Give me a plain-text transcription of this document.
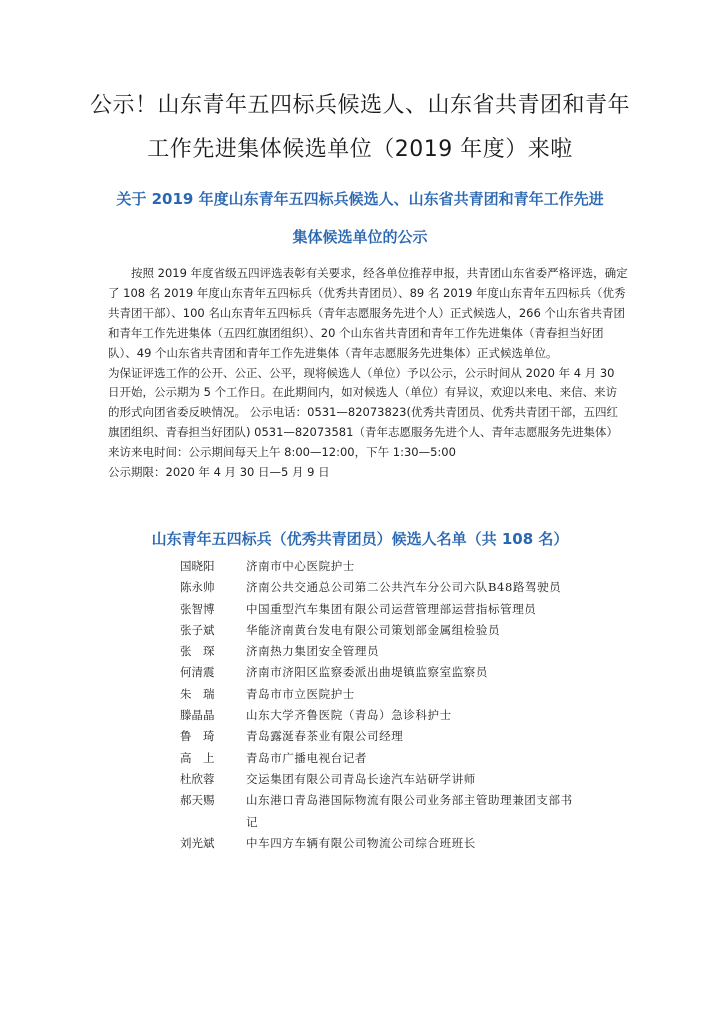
公示！山东青年五四标兵候选人、山东省共青团和青年
工作先进集体候选单位（2019 年度）来啦
关于 2019 年度山东青年五四标兵候选人、山东省共青团和青年工作先进
集体候选单位的公示

按照 2019 年度省级五四评选表彰有关要求，经各单位推荐申报，共青团山东省委严格评选，确定了 108 名 2019 年度山东青年五四标兵（优秀共青团员）、89 名 2019 年度山东青年五四标兵（优秀共青团干部）、100 名山东青年五四标兵（青年志愿服务先进个人）正式候选人，266 个山东省共青团和青年工作先进集体（五四红旗团组织）、20 个山东省共青团和青年工作先进集体（青春担当好团队）、49 个山东省共青团和青年工作先进集体（青年志愿服务先进集体）正式候选单位。

为保证评选工作的公开、公正、公平，现将候选人（单位）予以公示，公示时间从 2020 年 4 月 30 日开始，公示期为 5 个工作日。在此期间内，如对候选人（单位）有异议，欢迎以来电、来信、来访的形式向团省委反映情况。 公示电话：0531—82073823(优秀共青团员、优秀共青团干部，五四红旗团组织、青春担当好团队) 0531—82073581（青年志愿服务先进个人、青年志愿服务先进集体）

来访来电时间：公示期间每天上午 8:00—12:00，下午 1:30—5:00

公示期限：2020 年 4 月 30 日—5 月 9 日

山东青年五四标兵（优秀共青团员）候选人名单（共 108 名）
国晓阳	济南市中心医院护士
陈永帅	济南公共交通总公司第二公共汽车分公司六队B48路驾驶员
张智博	中国重型汽车集团有限公司运营管理部运营指标管理员
张子斌	华能济南黄台发电有限公司策划部金属组检验员
张　琛	济南热力集团安全管理员
何清震	济南市济阳区监察委派出曲堤镇监察室监察员
朱　瑞	青岛市市立医院护士
滕晶晶	山东大学齐鲁医院（青岛）急诊科护士
鲁　琦	青岛露涎春茶业有限公司经理
高　上	青岛市广播电视台记者
杜欣蓉	交运集团有限公司青岛长途汽车站研学讲师
郝天赐	山东港口青岛港国际物流有限公司业务部主管助理兼团支部书记
刘光斌	中车四方车辆有限公司物流公司综合班班长
